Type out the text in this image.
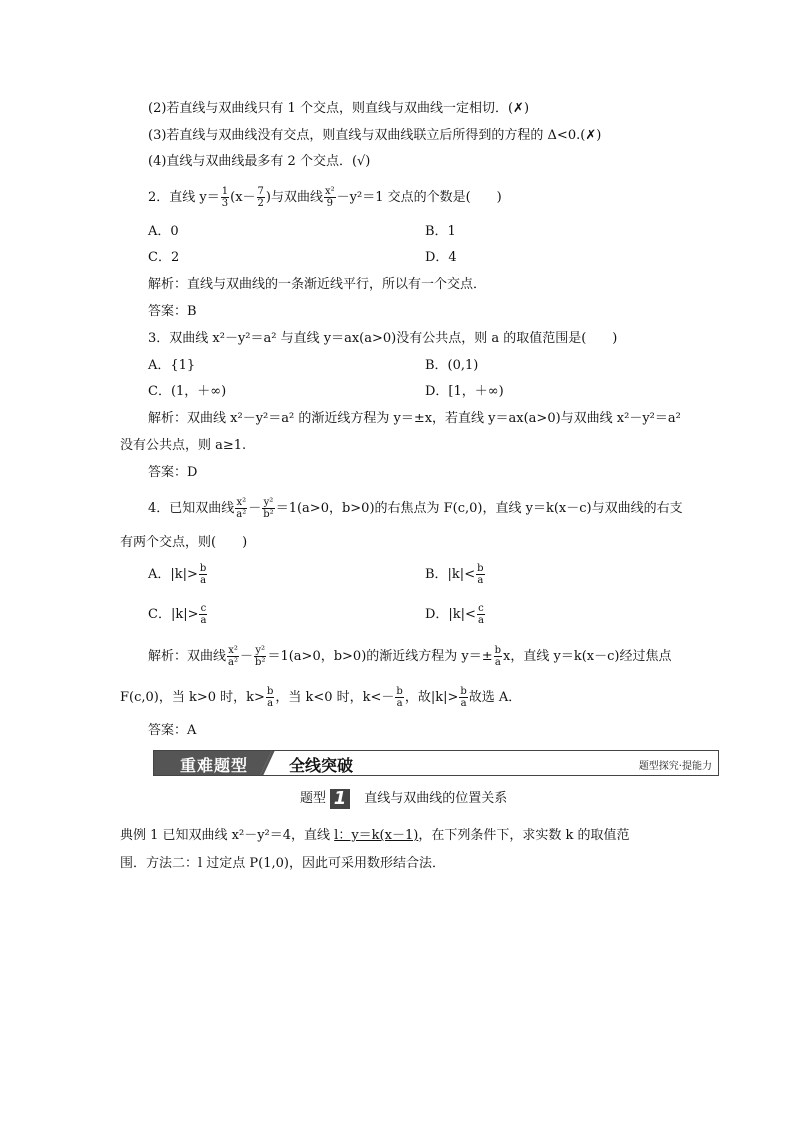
(2)若直线与双曲线只有 1 个交点，则直线与双曲线一定相切．(✗)
(3)若直线与双曲线没有交点，则直线与双曲线联立后所得到的方程的 Δ<0.(✗)
(4)直线与双曲线最多有 2 个交点．(√)
2．直线 $y= \frac{1}{3} (x- \frac{7}{2}$ )与双曲线 $\frac{\text{x²}}{9} -y^2=1$ 交点的个数是(　　)
A．0	B．1
C．2	D．4
解析：直线与双曲线的一条渐近线平行，所以有一个交点．
答案：B
3．双曲线 x²－y²＝a² 与直线 y＝ax(a>0)没有公共点，则 a 的取值范围是(　　)
A．{1}	B．(0,1)
C．(1，＋∞)	D．[1，＋∞)
解析：双曲线 x²－y²＝a² 的渐近线方程为 y＝±x，若直线 y＝ax(a>0)与双曲线 x²－y²＝a²
没有公共点，则 a≥1.
答案：D
4．已知双曲线 $\frac{\text{x²}}{\text{a²}} - \frac{\text{y²}}{\text{b²}} =1(a>0$，b>0)的右焦点为 F(c,0)，直线 y＝k(x－c)与双曲线的右支
有两个交点，则(　　)
A．$|k|> \frac{b}{a}$	B．$|k|< \frac{b}{a}$
C．$|k|> \frac{c}{a}$	D．$|k|< \frac{c}{a}$
解析：双曲线 $\frac{\text{x²}}{\text{a²}} - \frac{\text{y²}}{\text{b²}} =1(a>0$，b>0)的渐近线方程为 $y=\pm \frac{b}{a}$ x，直线 y＝k(x－c)经过焦点
F(c,0)，当 k>0 时，$k> \frac{b}{a}$ ，当 k<0 时，$k<- \frac{b}{a}$ ，故$|k|> \frac{b}{a}$ 故选 A．
答案：A
重难题型	全线突破	题型探究·提能力
题型 1 直线与双曲线的位置关系
典例 1 已知双曲线 x²－y²＝4，直线 l：y＝k(x－1)，在下列条件下，求实数 k 的取值范
围．方法二：l 过定点 P(1,0)，因此可采用数形结合法．
